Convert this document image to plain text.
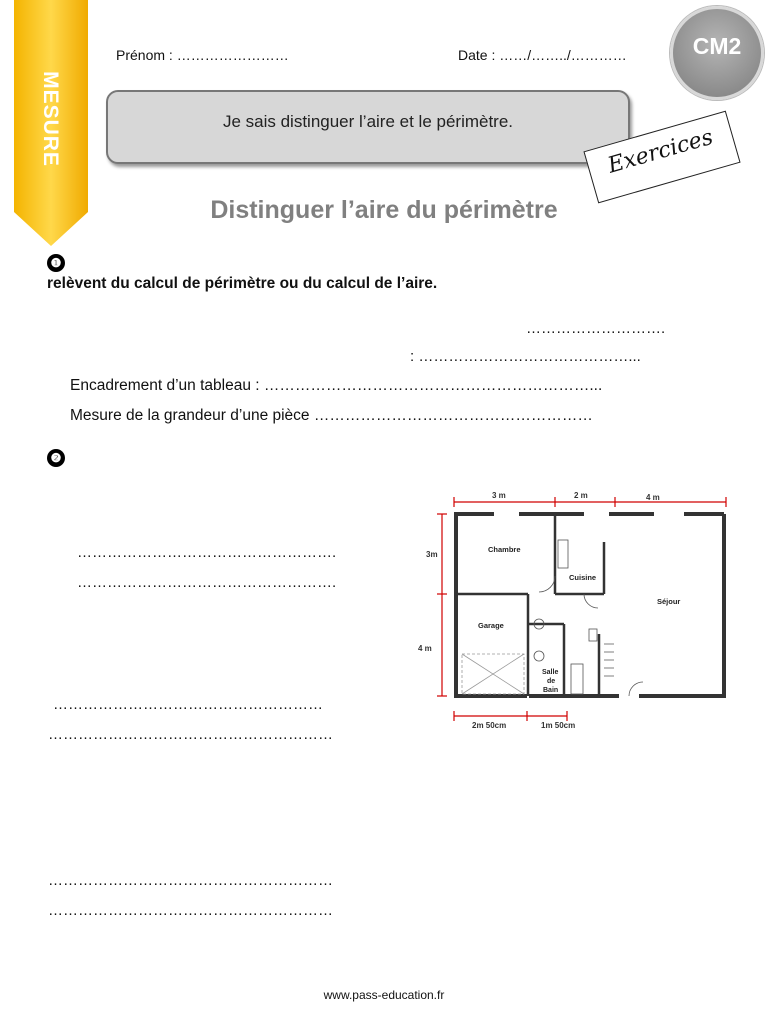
MESURE
Prénom : ……………………	Date : ……/……../…………	CM2
Je sais distinguer l’aire et le périmètre.
Exercices
Distinguer l’aire du périmètre
❶
relèvent du calcul de périmètre ou du calcul de l’aire.
……………………….
: ……………………………………...
Encadrement d’un tableau : ………………………………………………………...
Mesure de la grandeur d’une pièce ………………………………………………
❷
…………………………………………….
…………………………………………….
………………………………………………
…………………………………………………
…………………………………………………
…………………………………………………
3 m	2 m	4 m
3m
4 m
2m 50cm	1m 50cm
Chambre
Cuisine
Séjour
Garage
Salle
de
Bain
www.pass-education.fr
